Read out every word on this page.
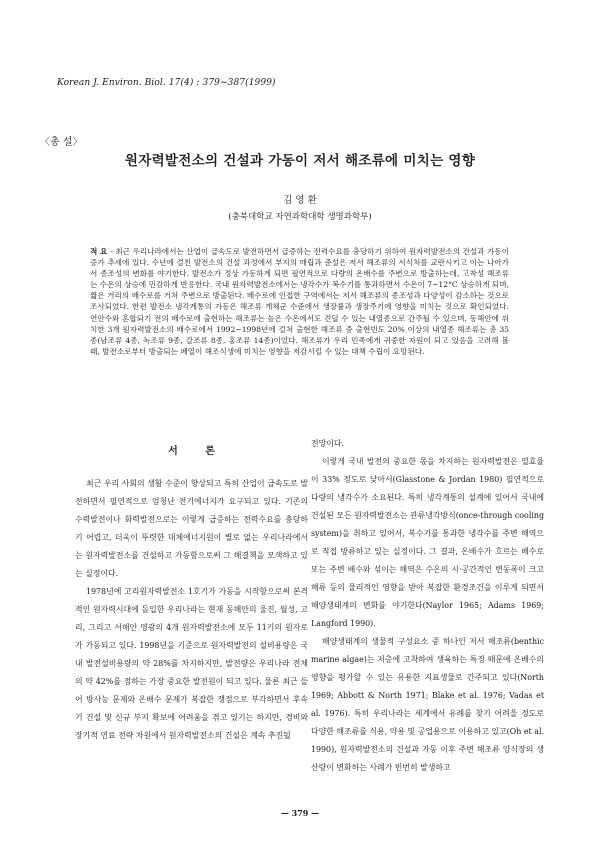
Korean J. Environ. Biol. 17(4) : 379~387(1999)
〈총 설〉
원자력발전소의 건설과 가동이 저서 해조류에 미치는 영향
김 영 환
(충북대학교 자연과학대학 생명과학부)
적 요 - 최근 우리나라에서는 산업이 급속도로 발전하면서 급증하는 전력수요를 충당하기 위하여 원자력발전소의 건설과 가동이 증가 추세에 있다. 수년에 걸친 발전소의 건설 과정에서 부지의 매립과 준설은 저서 해조류의 서식처를 교란시키고 이는 나아가서 종조성의 변화를 야기한다. 발전소가 정상 가동하게 되면 필연적으로 다량의 온배수를 주변으로 방출하는데, 고착성 해조류는 수온의 상승에 민감하게 반응한다. 국내 원자력발전소에서는 냉각수가 복수기를 통과하면서 수온이 7~12°C 상승하게 되며, 짧은 거리의 배수로를 거쳐 주변으로 방출된다. 배수로에 인접한 구역에서는 저서 해조류의 종조성과 다양성이 감소하는 것으로 조사되었다. 한편 발전소 냉각계통의 가동은 해조류 개체군 수준에서 생장률과 생장주기에 영향을 미치는 것으로 확인되었다. 연안수와 혼합되기 전의 배수로에 출현하는 해조류는 높은 수온에서도 견딜 수 있는 내열종으로 간주될 수 있으며, 동해안에 위치한 3개 원자력발전소의 배수로에서 1992~1998년에 걸쳐 출현한 해조류 중 출현빈도 20% 이상의 내열종 해조류는 총 35종(남조류 4종, 녹조류 9종, 갈조류 8종, 홍조류 14종)이었다. 해조류가 우리 민족에게 귀중한 자원이 되고 있음을 고려해 볼 때, 발전소로부터 방출되는 폐열이 해조식생에 미치는 영향을 저감시킬 수 있는 대책 수립이 요망된다.
서 론

최근 우리 사회의 생활 수준이 향상되고 특히 산업이 급속도로 발전하면서 필연적으로 엄청난 전기에너지가 요구되고 있다. 기존의 수력발전이나 화력발전으로는 이렇게 급증하는 전력수요를 충당하기 어렵고, 더욱이 뚜렷한 대체에너지원이 별로 없는 우리나라에서는 원자력발전소를 건설하고 가동함으로써 그 해결책을 모색하고 있는 실정이다.

1978년에 고리원자력발전소 1호기가 가동을 시작함으로써 본격적인 원자력시대에 돌입한 우리나라는 현재 동해안의 울진, 월성, 고리, 그리고 서해안 영광의 4개 원자력발전소에 모두 11기의 원자로가 가동되고 있다. 1998년을 기준으로 원자력발전의 설비용량은 국내 발전설비용량의 약 28%를 차지하지만, 발전량은 우리나라 전체의 약 42%를 점하는 가장 중요한 발전원이 되고 있다. 물론 최근 들어 방사능 문제와 온배수 문제가 복잡한 쟁점으로 부각하면서 후속기 건설 및 신규 부지 확보에 어려움을 겪고 있기는 하지만, 경비와 장기적 연료 전략 차원에서 원자력발전소의 건설은 계속 추진될

전망이다.

이렇게 국내 발전의 중요한 몫을 차지하는 원자력발전은 열효율이 33% 정도로 낮아서(Glasstone & Jordan 1980) 필연적으로 다량의 냉각수가 소요된다. 특히 냉각계통의 설계에 있어서 국내에 건설된 모든 원자력발전소는 관류냉각방식(once-through cooling system)을 취하고 있어서, 복수기를 통과한 냉각수를 주변 해역으로 직접 방류하고 있는 실정이다. 그 결과, 온배수가 흐르는 배수로 또는 주변 배수와 섞이는 해역은 수온의 시·공간적인 변동폭이 크고 해류 등의 물리적인 영향을 받아 복잡한 환경조건을 이루게 되면서 해양생태계의 변화를 야기한다(Naylor 1965; Adams 1969; Langford 1990).

해양생태계의 생물적 구성요소 중 하나인 저서 해조류(benthic marine algae)는 저층에 고착하여 생육하는 특징 때문에 온배수의 영향을 평가할 수 있는 유용한 지표생물로 간주되고 있다(North 1969; Abbott & North 1971; Blake et al. 1976; Vadas et al. 1976). 특히 우리나라는 세계에서 유례를 찾기 어려울 정도로 다양한 해조류를 식용, 약용 및 공업용으로 이용하고 있고(Oh et al. 1990), 원자력발전소의 건설과 가동 이후 주변 해조류 양식장의 생산량이 변화하는 사례가 빈번히 발생하고

— 379 —
